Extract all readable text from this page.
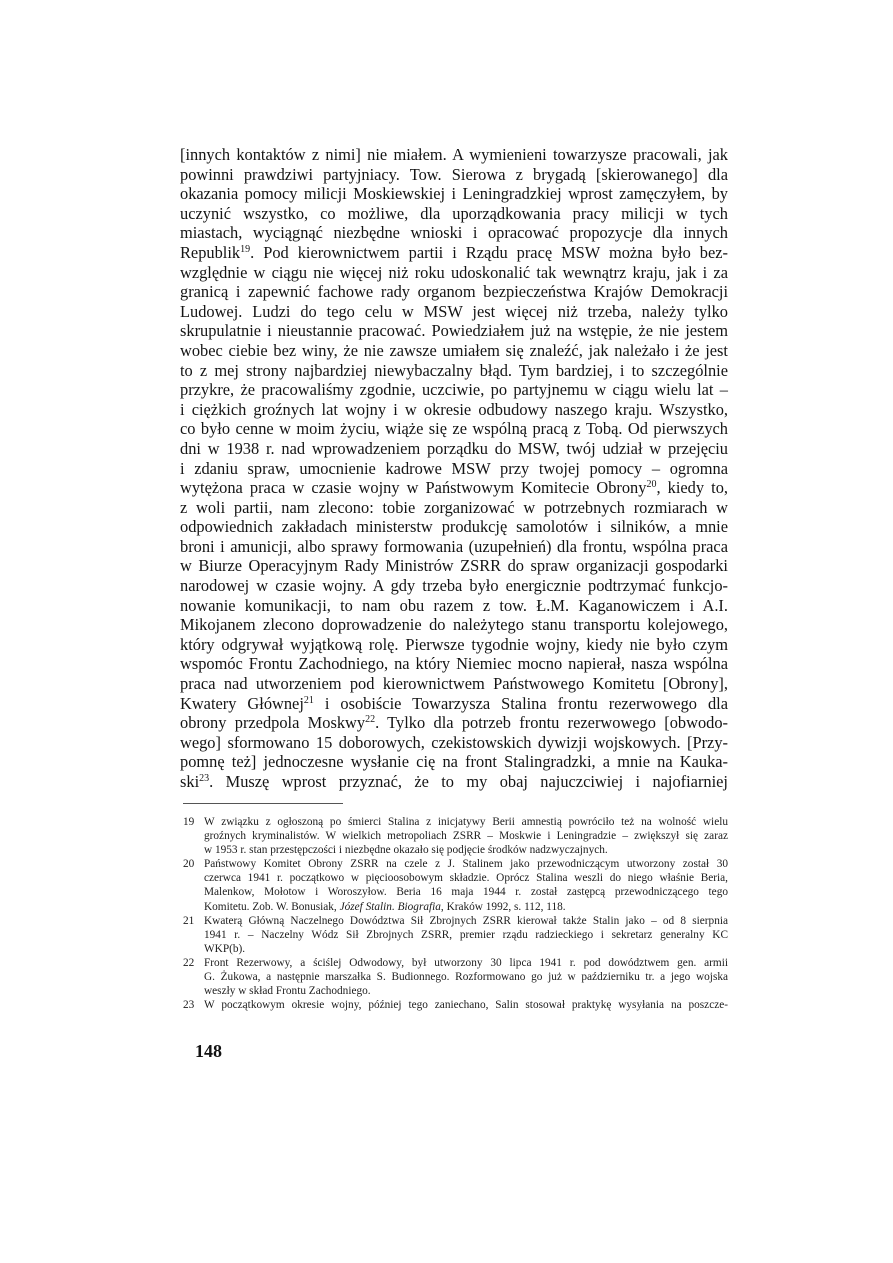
[innych kontaktów z nimi] nie miałem. A wymienieni towarzysze pracowali, jak
powinni prawdziwi partyjniacy. Tow. Sierowa z brygadą [skierowanego] dla
okazania pomocy milicji Moskiewskiej i Leningradzkiej wprost zamęczyłem, by
uczynić wszystko, co możliwe, dla uporządkowania pracy milicji w tych
miastach, wyciągnąć niezbędne wnioski i opracować propozycje dla innych
Republik$^{19}$. Pod kierownictwem partii i Rządu pracę MSW można było bez-
względnie w ciągu nie więcej niż roku udoskonalić tak wewnątrz kraju, jak i za
granicą i zapewnić fachowe rady organom bezpieczeństwa Krajów Demokracji
Ludowej. Ludzi do tego celu w MSW jest więcej niż trzeba, należy tylko
skrupulatnie i nieustannie pracować. Powiedziałem już na wstępie, że nie jestem
wobec ciebie bez winy, że nie zawsze umiałem się znaleźć, jak należało i że jest
to z mej strony najbardziej niewybaczalny błąd. Tym bardziej, i to szczególnie
przykre, że pracowaliśmy zgodnie, uczciwie, po partyjnemu w ciągu wielu lat –
i ciężkich groźnych lat wojny i w okresie odbudowy naszego kraju. Wszystko,
co było cenne w moim życiu, wiąże się ze wspólną pracą z Tobą. Od pierwszych
dni w 1938 r. nad wprowadzeniem porządku do MSW, twój udział w przejęciu
i zdaniu spraw, umocnienie kadrowe MSW przy twojej pomocy – ogromna
wytężona praca w czasie wojny w Państwowym Komitecie Obrony$^{20}$, kiedy to,
z woli partii, nam zlecono: tobie zorganizować w potrzebnych rozmiarach w
odpowiednich zakładach ministerstw produkcję samolotów i silników, a mnie
broni i amunicji, albo sprawy formowania (uzupełnień) dla frontu, wspólna praca
w Biurze Operacyjnym Rady Ministrów ZSRR do spraw organizacji gospodarki
narodowej w czasie wojny. A gdy trzeba było energicznie podtrzymać funkcjo-
nowanie komunikacji, to nam obu razem z tow. Ł.M. Kaganowiczem i A.I.
Mikojanem zlecono doprowadzenie do należytego stanu transportu kolejowego,
który odgrywał wyjątkową rolę. Pierwsze tygodnie wojny, kiedy nie było czym
wspomóc Frontu Zachodniego, na który Niemiec mocno napierał, nasza wspólna
praca nad utworzeniem pod kierownictwem Państwowego Komitetu [Obrony],
Kwatery Głównej$^{21}$ i osobiście Towarzysza Stalina frontu rezerwowego dla
obrony przedpola Moskwy$^{22}$. Tylko dla potrzeb frontu rezerwowego [obwodo-
wego] sformowano 15 doborowych, czekistowskich dywizji wojskowych. [Przy-
pomnę też] jednoczesne wysłanie cię na front Stalingradzki, a mnie na Kauka-
ski$^{23}$. Muszę wprost przyznać, że to my obaj najuczciwiej i najofiarniej
19 W związku z ogłoszoną po śmierci Stalina z inicjatywy Berii amnestią powróciło też na wolność wielu
groźnych kryminalistów. W wielkich metropoliach ZSRR – Moskwie i Leningradzie – zwiększył się zaraz
w 1953 r. stan przestępczości i niezbędne okazało się podjęcie środków nadzwyczajnych.
20 Państwowy Komitet Obrony ZSRR na czele z J. Stalinem jako przewodniczącym utworzony został 30
czerwca 1941 r. początkowo w pięcioosobowym składzie. Oprócz Stalina weszli do niego właśnie Beria,
Malenkow, Mołotow i Woroszyłow. Beria 16 maja 1944 r. został zastępcą przewodniczącego tego
Komitetu. Zob. W. Bonusiak, Józef Stalin. Biografia, Kraków 1992, s. 112, 118.
21 Kwaterą Główną Naczelnego Dowództwa Sił Zbrojnych ZSRR kierował także Stalin jako – od 8 sierpnia
1941 r. – Naczelny Wódz Sił Zbrojnych ZSRR, premier rządu radzieckiego i sekretarz generalny KC
WKP(b).
22 Front Rezerwowy, a ściślej Odwodowy, był utworzony 30 lipca 1941 r. pod dowództwem gen. armii
G. Żukowa, a następnie marszałka S. Budionnego. Rozformowano go już w październiku tr. a jego wojska
weszły w skład Frontu Zachodniego.
23 W początkowym okresie wojny, później tego zaniechano, Salin stosował praktykę wysyłania na poszcze-
148
